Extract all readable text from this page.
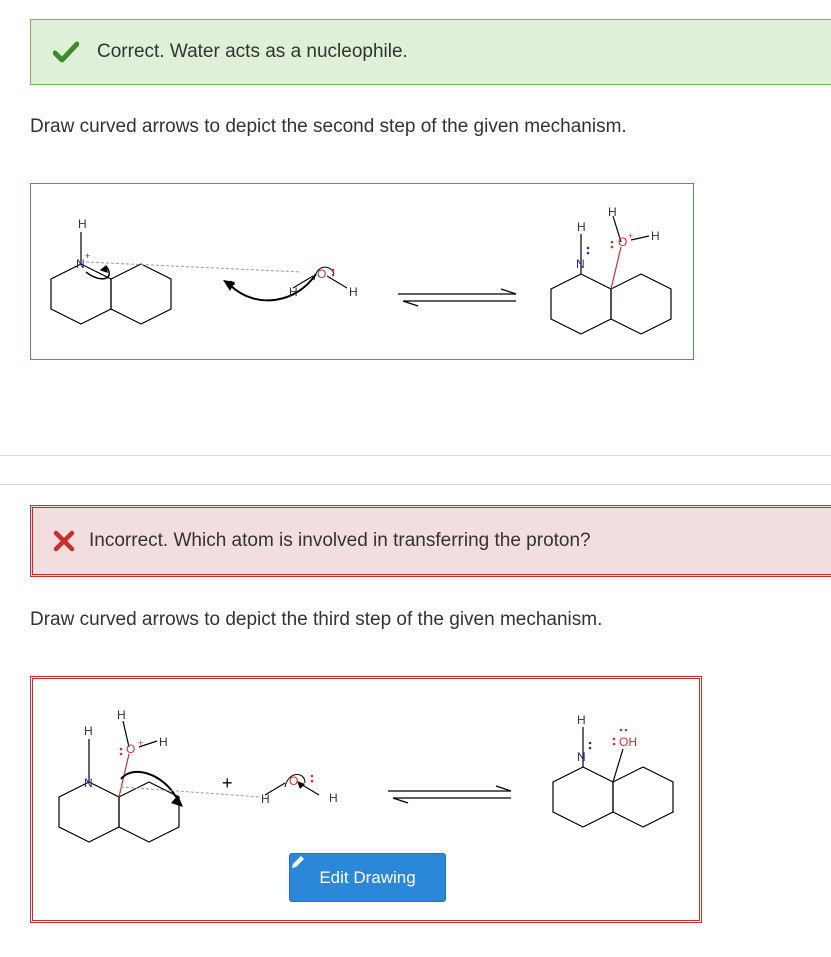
Correct. Water acts as a nucleophile.
Draw curved arrows to depict the second step of the given mechanism.
H
N
+
+	H
O
H
H
N
H
O + H
Incorrect. Which atom is involved in transferring the proton?
Draw curved arrows to depict the third step of the given mechanism.
H
N
H
O + H
+
H
O
H
H
N
OH
Edit Drawing
